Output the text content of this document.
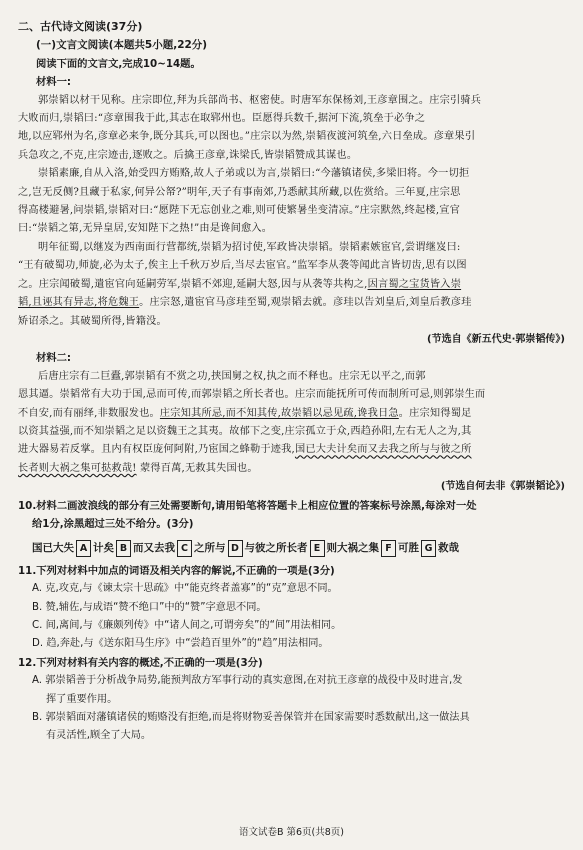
二、古代诗文阅读(37分)

(一)文言文阅读(本题共5小题,22分)

阅读下面的文言文,完成10~14题。

材料一:

郭崇韬以材干见称。庄宗即位,拜为兵部尚书、枢密使。时唐军东保杨刘,王彦章围之。庄宗引骑兵

大败而归,崇韬曰:“彦章围我于此,其志在取郓州也。臣愿得兵数千,据河下流,筑垒于必争之

地,以应郓州为名,彦章必来争,既分其兵,可以图也。”庄宗以为然,崇韬夜渡河筑垒,六日垒成。彦章果引

兵急攻之,不克,庄宗迹击,逐败之。后擒王彦章,诛梁氏,皆崇韬赞成其谋也。

崇韬素廉,自从入洛,始受四方贿赂,故人子弟或以为言,崇韬曰:“今藩镇诸侯,多梁旧将。今一切拒

之,岂无反侧?且藏于私家,何异公帑?”明年,天子有事南郊,乃悉献其所藏,以佐赏给。三年夏,庄宗思

得高楼避暑,问崇韬,崇韬对曰:“愿陛下无忘创业之难,则可使繁暑坐变清凉。”庄宗默然,终起楼,宣官

曰:“崇韬之第,无异皇居,安知陛下之热!”由是谗间愈入。

明年征蜀,以继岌为西南面行营都统,崇韬为招讨使,军政皆决崇韬。崇韬素嫉宦官,尝谓继岌曰:

“王有破蜀功,师旋,必为太子,俟主上千秋万岁后,当尽去宦官。”监军李从袭等闻此言皆切齿,思有以图

之。庄宗闻破蜀,遣宦官向延嗣劳军,崇韬不郊迎,延嗣大怒,因与从袭等共构之,因言蜀之宝货皆入崇

韬,且诬其有异志,将危魏王。庄宗怒,遣宦官马彦珪至蜀,观崇韬去就。彦珪以告刘皇后,刘皇后教彦珪

矫诏杀之。其破蜀所得,皆籍没。

(节选自《新五代史·郭崇韬传》)

材料二:

后唐庄宗有二巨蠹,郭崇韬有不赏之功,挟国舅之权,执之而不释也。庄宗无以平之,而郭

恩其逼。崇韬常有大功于国,忌而可传,而郭崇韬之所长者也。庄宗而能抚所可传而制所可忌,则郭崇生而

不自安,而有丽绎,非数服发也。庄宗知其所忌,而不知其传,故崇韬以忌见疏,谗我日急。庄宗知得蜀足

以资其益强,而不知崇韬之足以资魏王之其夷。故郁下之变,庄宗孤立于众,西趋孙阳,左右无人之为,其

进大器易若反掌。且内有权臣庞何阿附,乃宦国之蜂勒于迹我,国已大夫计矣而又去我之所与与彼之所

长者则大祸之集可挞救哉! 蒙得百萬,无救其失国也。

(节选自何去非《郭崇韬论》)

10.材料二画波浪线的部分有三处需要断句,请用铅笔将答题卡上相应位置的答案标号涂黑,每涂对一处

给1分,涂黑超过三处不给分。(3分)

国已大失 A 计矣 B 而又去我 C 之所与 D 与彼之所长者 E 则大祸之集 F 可胜 G 救哉

11.下列对材料中加点的词语及相关内容的解说,不正确的一项是(3分)

A. 克,攻克,与《谏太宗十思疏》中“能克终者盖寡”的“克”意思不同。

B. 赞,辅佐,与成语“赞不绝口”中的“赞”字意思不同。

C. 间,离间,与《廉颇列传》中“诸人间之,可谓旁矣”的“间”用法相同。

D. 趋,奔赴,与《送东阳马生序》中“尝趋百里外”的“趋”用法相同。

12.下列对材料有关内容的概述,不正确的一项是(3分)

A. 郭崇韬善于分析战争局势,能预判敌方军事行动的真实意图,在对抗王彦章的战役中及时进言,发

挥了重要作用。

B. 郭崇韬面对藩镇诸侯的贿赂没有拒绝,而是将财物妥善保管并在国家需要时悉数献出,这一做法具

有灵活性,顾全了大局。

语文试卷B 第6页(共8页)
